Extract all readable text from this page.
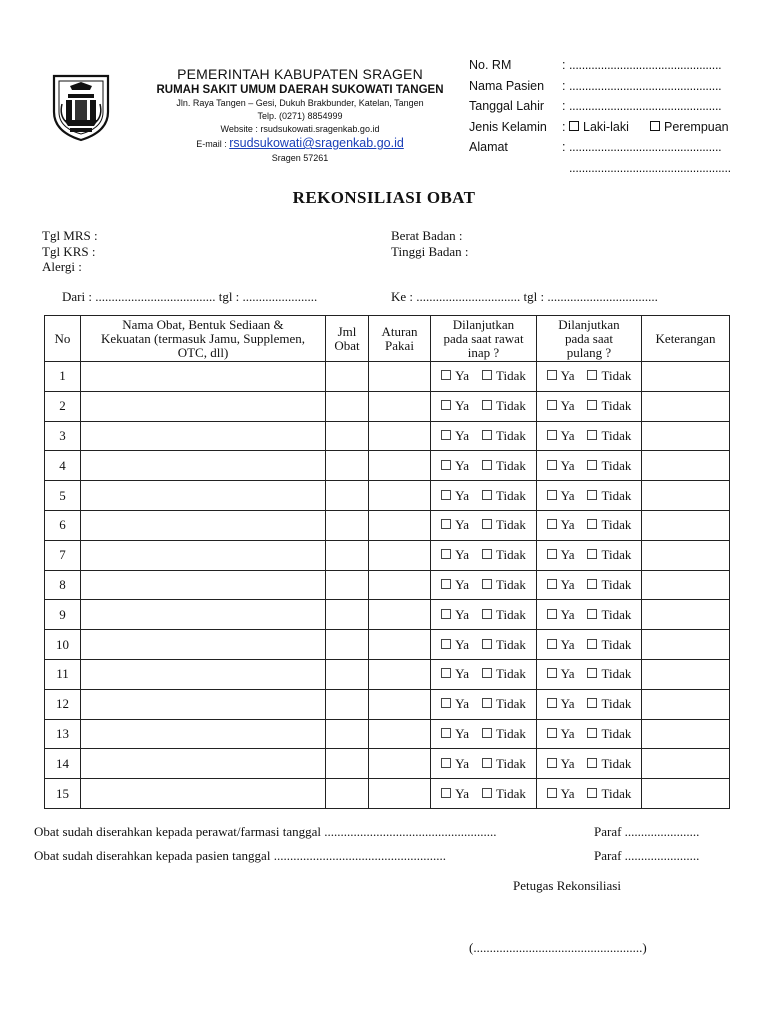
PEMERINTAH KABUPATEN SRAGEN
RUMAH SAKIT UMUM DAERAH SUKOWATI TANGEN
Jln. Raya Tangen – Gesi, Dukuh Brakbunder, Katelan, Tangen
Telp. (0271) 8854999
Website : rsudsukowati.sragenkab.go.id
E-mail : rsudsukowati@sragenkab.go.id
Sragen 57261
No. RM	: ................................................
Nama Pasien : ................................................
Tanggal Lahir : ................................................
Jenis Kelamin :	Laki-laki	Perempuan
Alamat	: ................................................
...................................................
REKONSILIASI OBAT
Tgl MRS :
Tgl KRS :
Alergi :
Berat Badan :
Tinggi Badan :
Dari : ..................................... tgl : .......................	Ke : ................................ tgl : ..................................
No	Nama Obat, Bentuk Sediaan & Kekuatan (termasuk Jamu, Supplemen, OTC, dll)	Jml Obat	Aturan Pakai	Dilanjutkan pada saat rawat inap ?	Dilanjutkan pada saat pulang ?	Keterangan
1				Ya Tidak	Ya Tidak	
2				Ya Tidak	Ya Tidak	
3				Ya Tidak	Ya Tidak	
4				Ya Tidak	Ya Tidak	
5				Ya Tidak	Ya Tidak	
6				Ya Tidak	Ya Tidak	
7				Ya Tidak	Ya Tidak	
8				Ya Tidak	Ya Tidak	
9				Ya Tidak	Ya Tidak	
10				Ya Tidak	Ya Tidak	
11				Ya Tidak	Ya Tidak	
12				Ya Tidak	Ya Tidak	
13				Ya Tidak	Ya Tidak	
14				Ya Tidak	Ya Tidak	
15				Ya Tidak	Ya Tidak	
Obat sudah diserahkan kepada perawat/farmasi tanggal .....................................................
Obat sudah diserahkan kepada pasien tanggal .....................................................
Paraf .......................
Paraf .......................
Petugas Rekonsiliasi
(....................................................)
